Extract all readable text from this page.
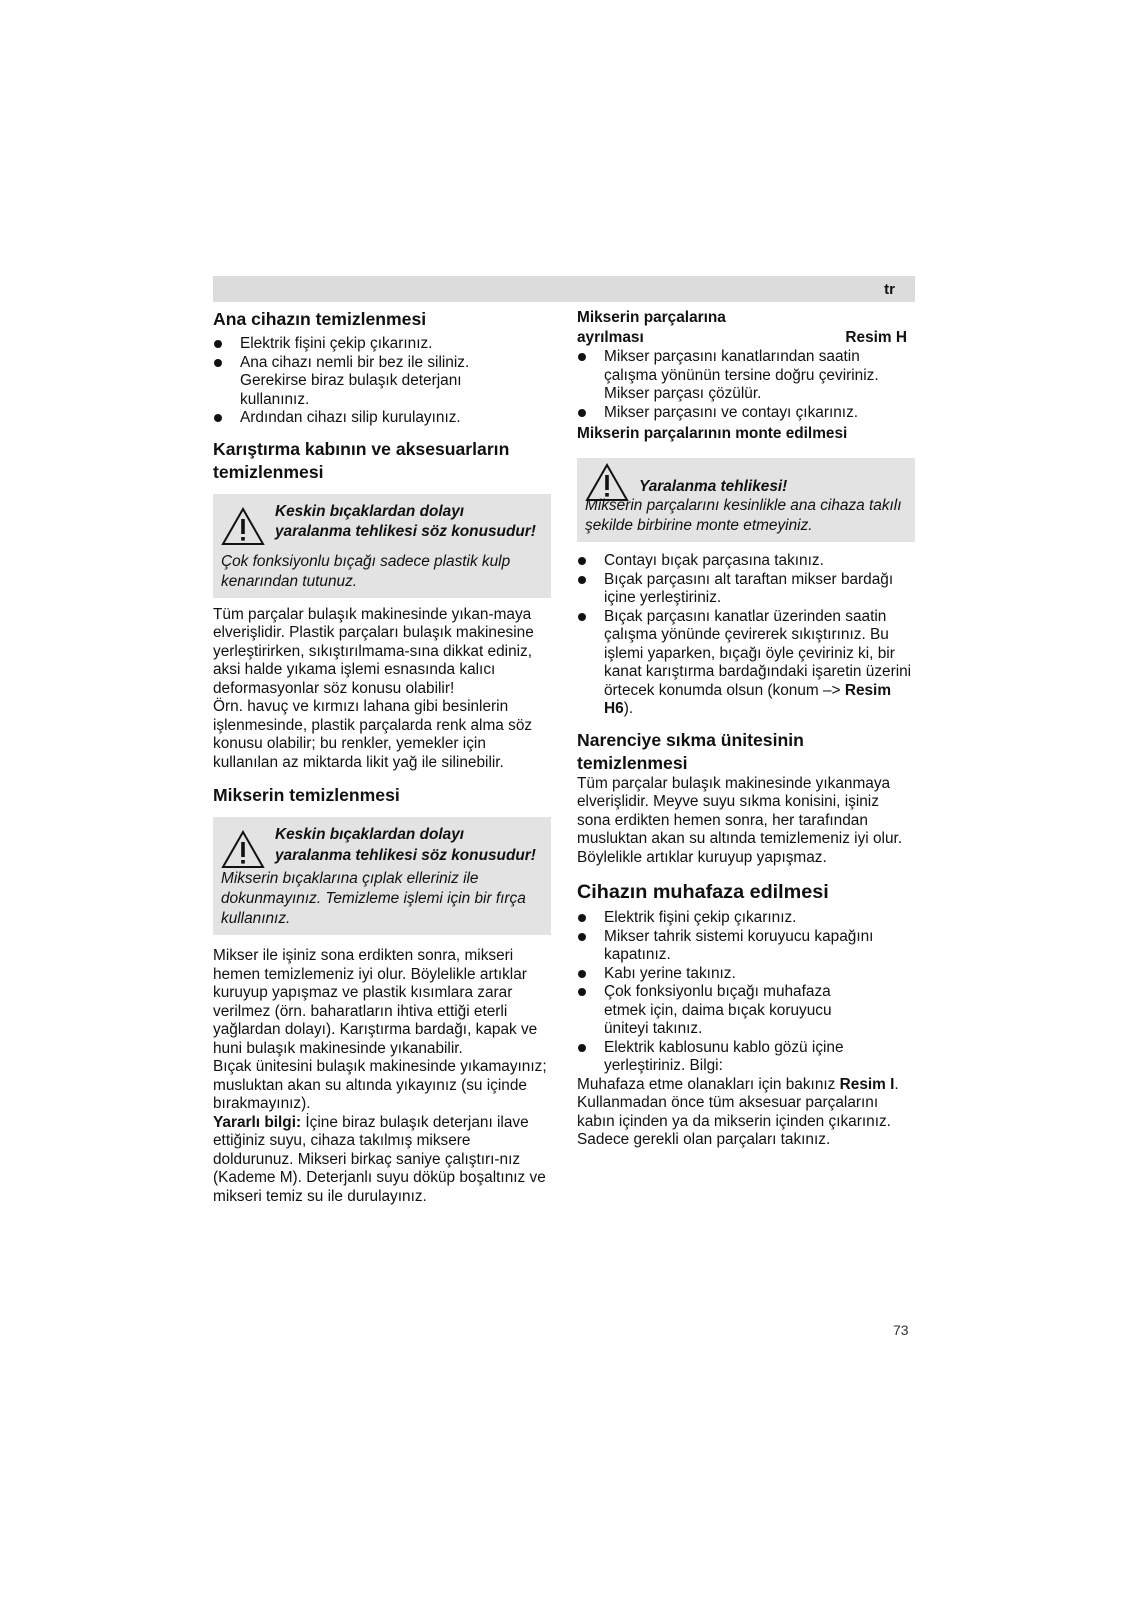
tr
Ana cihazın temizlenmesi
Elektrik fişini çekip çıkarınız.
Ana cihazı nemli bir bez ile siliniz. Gerekirse biraz bulaşık deterjanı kullanınız.
Ardından cihazı silip kurulayınız.
Karıştırma kabının ve aksesuarların temizlenmesi
Keskin bıçaklardan dolayı yaralanma tehlikesi söz konusudur!
Çok fonksiyonlu bıçağı sadece plastik kulp kenarından tutunuz.

Tüm parçalar bulaşık makinesinde yıkan-maya elverişlidir. Plastik parçaları bulaşık makinesine yerleştirirken, sıkıştırılmama-sına dikkat ediniz, aksi halde yıkama işlemi esnasında kalıcı deformasyonlar söz konusu olabilir!

Örn. havuç ve kırmızı lahana gibi besinlerin işlenmesinde, plastik parçalarda renk alma söz konusu olabilir; bu renkler, yemekler için kullanılan az miktarda likit yağ ile silinebilir.

Mikserin temizlenmesi
Keskin bıçaklardan dolayı yaralanma tehlikesi söz konusudur!
Mikserin bıçaklarına çıplak elleriniz ile dokunmayınız. Temizleme işlemi için bir fırça kullanınız.

Mikser ile işiniz sona erdikten sonra, mikseri hemen temizlemeniz iyi olur. Böylelikle artıklar kuruyup yapışmaz ve plastik kısımlara zarar verilmez (örn. baharatların ihtiva ettiği eterli yağlardan dolayı). Karıştırma bardağı, kapak ve huni bulaşık makinesinde yıkanabilir.

Bıçak ünitesini bulaşık makinesinde yıkamayınız; musluktan akan su altında yıkayınız (su içinde bırakmayınız).

Yararlı bilgi: İçine biraz bulaşık deterjanı ilave ettiğiniz suyu, cihaza takılmış miksere doldurunuz. Mikseri birkaç saniye çalıştırı-nız (Kademe M). Deterjanlı suyu döküp boşaltınız ve mikseri temiz su ile durulayınız.

Mikserin parçalarına
ayrılması	Resim H
Mikser parçasını kanatlarından saatin çalışma yönünün tersine doğru çeviriniz. Mikser parçası çözülür.
Mikser parçasını ve contayı çıkarınız.
Mikserin parçalarının monte edilmesi
Yaralanma tehlikesi!
Mikserin parçalarını kesinlikle ana cihaza takılı şekilde birbirine monte etmeyiniz.
Contayı bıçak parçasına takınız.
Bıçak parçasını alt taraftan mikser bardağı içine yerleştiriniz.
Bıçak parçasını kanatlar üzerinden saatin çalışma yönünde çevirerek sıkıştırınız. Bu işlemi yaparken, bıçağı öyle çeviriniz ki, bir kanat karıştırma bardağındaki işaretin üzerini örtecek konumda olsun (konum –> Resim H6).
Narenciye sıkma ünitesinin temizlenmesi

Tüm parçalar bulaşık makinesinde yıkanmaya elverişlidir. Meyve suyu sıkma konisini, işiniz sona erdikten hemen sonra, her tarafından musluktan akan su altında temizlemeniz iyi olur. Böylelikle artıklar kuruyup yapışmaz.

Cihazın muhafaza edilmesi
Elektrik fişini çekip çıkarınız.
Mikser tahrik sistemi koruyucu kapağını kapatınız.
Kabı yerine takınız.
Çok fonksiyonlu bıçağı muhafaza etmek için, daima bıçak koruyucu üniteyi takınız.
Elektrik kablosunu kablo gözü içine yerleştiriniz. Bilgi:

Muhafaza etme olanakları için bakınız Resim I. Kullanmadan önce tüm aksesuar parçalarını kabın içinden ya da mikserin içinden çıkarınız. Sadece gerekli olan parçaları takınız.

73
